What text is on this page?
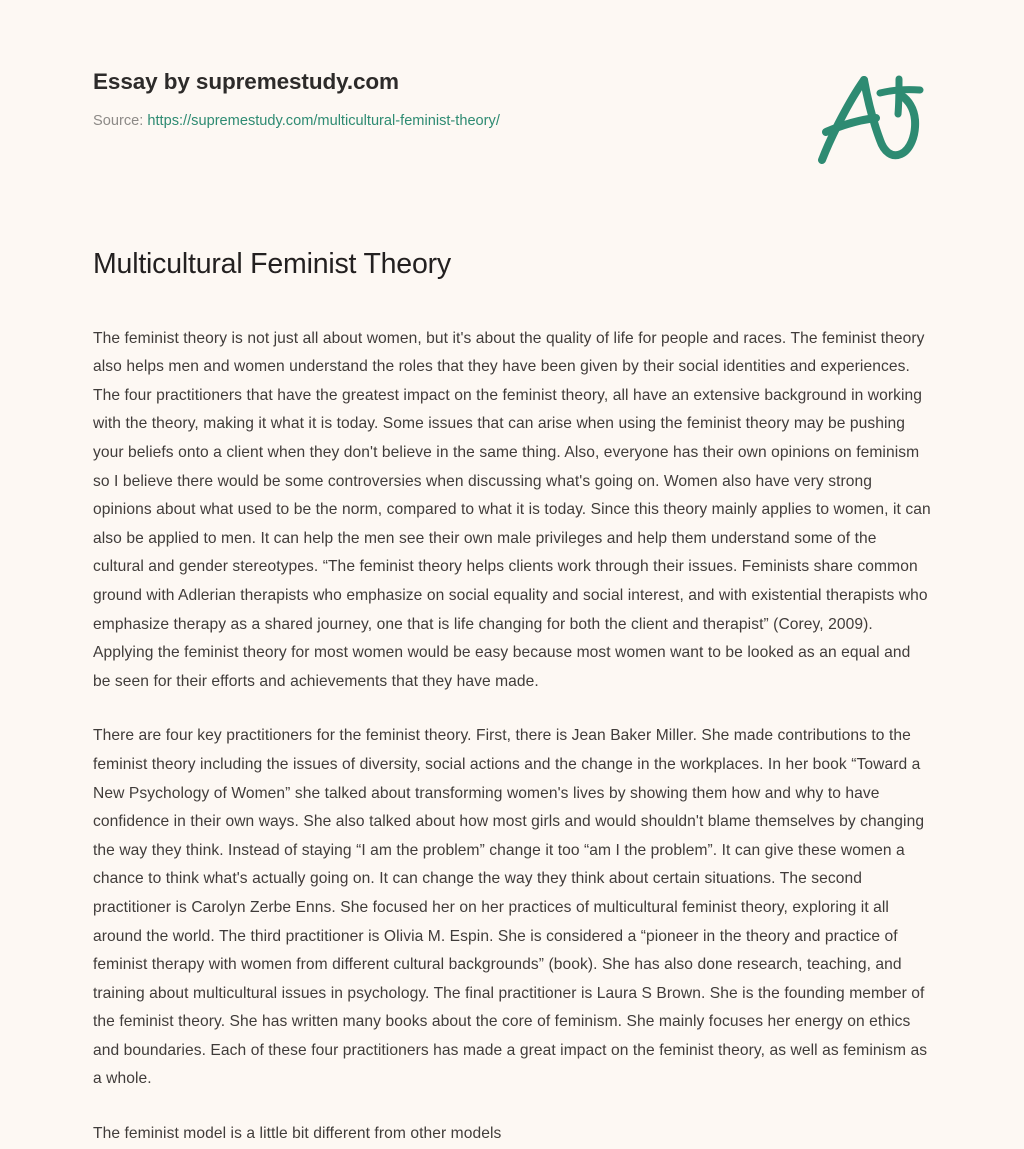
Essay by supremestudy.com
Source: https://supremestudy.com/multicultural-feminist-theory/
Multicultural Feminist Theory

The feminist theory is not just all about women, but it's about the quality of life for people and races. The feminist theory also helps men and women understand the roles that they have been given by their social identities and experiences. The four practitioners that have the greatest impact on the feminist theory, all have an extensive background in working with the theory, making it what it is today. Some issues that can arise when using the feminist theory may be pushing your beliefs onto a client when they don't believe in the same thing. Also, everyone has their own opinions on feminism so I believe there would be some controversies when discussing what's going on. Women also have very strong opinions about what used to be the norm, compared to what it is today. Since this theory mainly applies to women, it can also be applied to men. It can help the men see their own male privileges and help them understand some of the cultural and gender stereotypes. “The feminist theory helps clients work through their issues. Feminists share common ground with Adlerian therapists who emphasize on social equality and social interest, and with existential therapists who emphasize therapy as a shared journey, one that is life changing for both the client and therapist” (Corey, 2009). Applying the feminist theory for most women would be easy because most women want to be looked as an equal and be seen for their efforts and achievements that they have made.

There are four key practitioners for the feminist theory. First, there is Jean Baker Miller. She made contributions to the feminist theory including the issues of diversity, social actions and the change in the workplaces. In her book “Toward a New Psychology of Women” she talked about transforming women's lives by showing them how and why to have confidence in their own ways. She also talked about how most girls and would shouldn't blame themselves by changing the way they think. Instead of staying “I am the problem” change it too “am I the problem”. It can give these women a chance to think what's actually going on. It can change the way they think about certain situations. The second practitioner is Carolyn Zerbe Enns. She focused her on her practices of multicultural feminist theory, exploring it all around the world. The third practitioner is Olivia M. Espin. She is considered a “pioneer in the theory and practice of feminist therapy with women from different cultural backgrounds” (book). She has also done research, teaching, and training about multicultural issues in psychology. The final practitioner is Laura S Brown. She is the founding member of the feminist theory. She has written many books about the core of feminism. She mainly focuses her energy on ethics and boundaries. Each of these four practitioners has made a great impact on the feminist theory, as well as feminism as a whole.

The feminist model is a little bit different from other models
